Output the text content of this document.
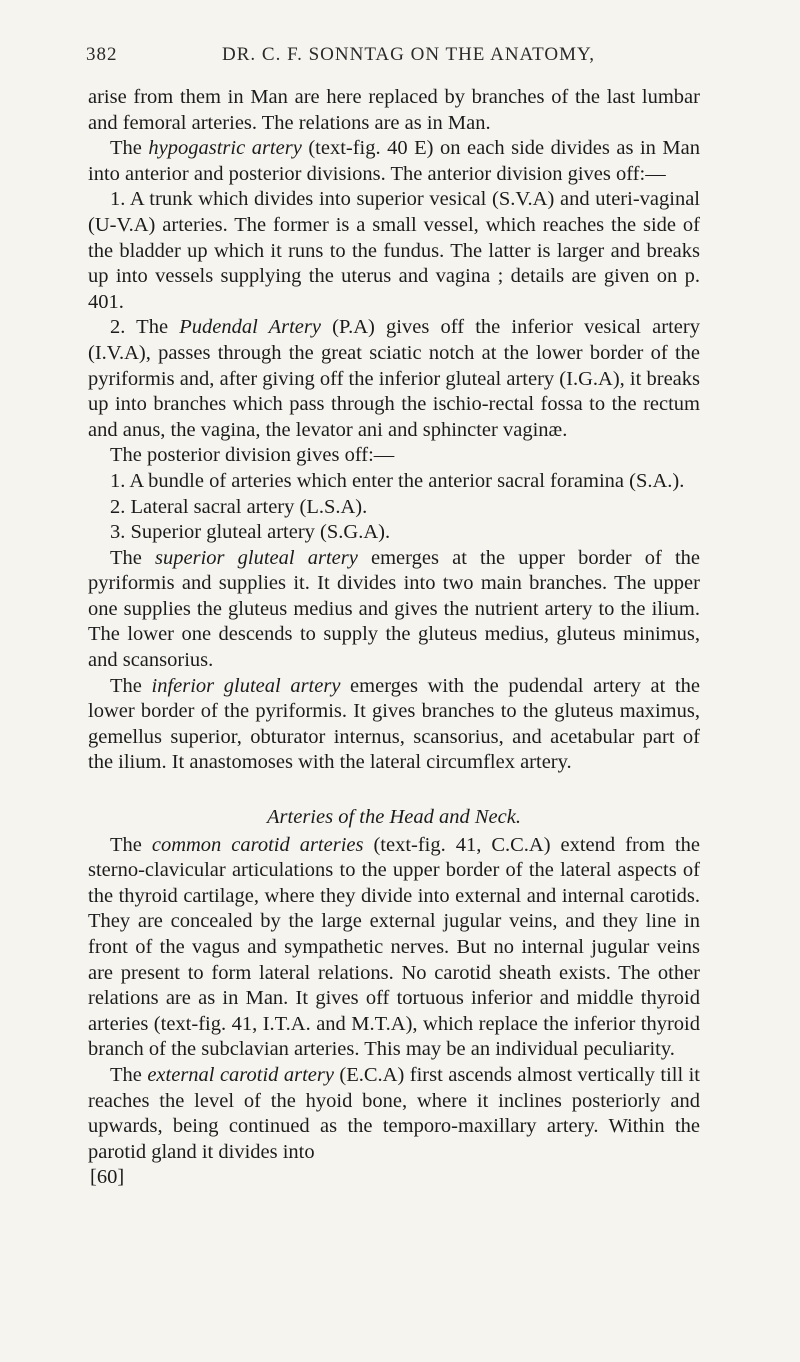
382	DR. C. F. SONNTAG ON THE ANATOMY,

arise from them in Man are here replaced by branches of the last lumbar and femoral arteries. The relations are as in Man.

The hypogastric artery (text-fig. 40 E) on each side divides as in Man into anterior and posterior divisions. The anterior division gives off:—

1. A trunk which divides into superior vesical (S.V.A) and uteri-vaginal (U-V.A) arteries. The former is a small vessel, which reaches the side of the bladder up which it runs to the fundus. The latter is larger and breaks up into vessels supplying the uterus and vagina ; details are given on p. 401.

2. The Pudendal Artery (P.A) gives off the inferior vesical artery (I.V.A), passes through the great sciatic notch at the lower border of the pyriformis and, after giving off the inferior gluteal artery (I.G.A), it breaks up into branches which pass through the ischio-rectal fossa to the rectum and anus, the vagina, the levator ani and sphincter vaginæ.

The posterior division gives off:—

1. A bundle of arteries which enter the anterior sacral foramina (S.A.).

2. Lateral sacral artery (L.S.A).

3. Superior gluteal artery (S.G.A).

The superior gluteal artery emerges at the upper border of the pyriformis and supplies it. It divides into two main branches. The upper one supplies the gluteus medius and gives the nutrient artery to the ilium. The lower one descends to supply the gluteus medius, gluteus minimus, and scansorius.

The inferior gluteal artery emerges with the pudendal artery at the lower border of the pyriformis. It gives branches to the gluteus maximus, gemellus superior, obturator internus, scansorius, and acetabular part of the ilium. It anastomoses with the lateral circumflex artery.

Arteries of the Head and Neck.

The common carotid arteries (text-fig. 41, C.C.A) extend from the sterno-clavicular articulations to the upper border of the lateral aspects of the thyroid cartilage, where they divide into external and internal carotids. They are concealed by the large external jugular veins, and they line in front of the vagus and sympathetic nerves. But no internal jugular veins are present to form lateral relations. No carotid sheath exists. The other relations are as in Man. It gives off tortuous inferior and middle thyroid arteries (text-fig. 41, I.T.A. and M.T.A), which replace the inferior thyroid branch of the subclavian arteries. This may be an individual peculiarity.

The external carotid artery (E.C.A) first ascends almost vertically till it reaches the level of the hyoid bone, where it inclines posteriorly and upwards, being continued as the temporo-maxillary artery. Within the parotid gland it divides into

[60]
